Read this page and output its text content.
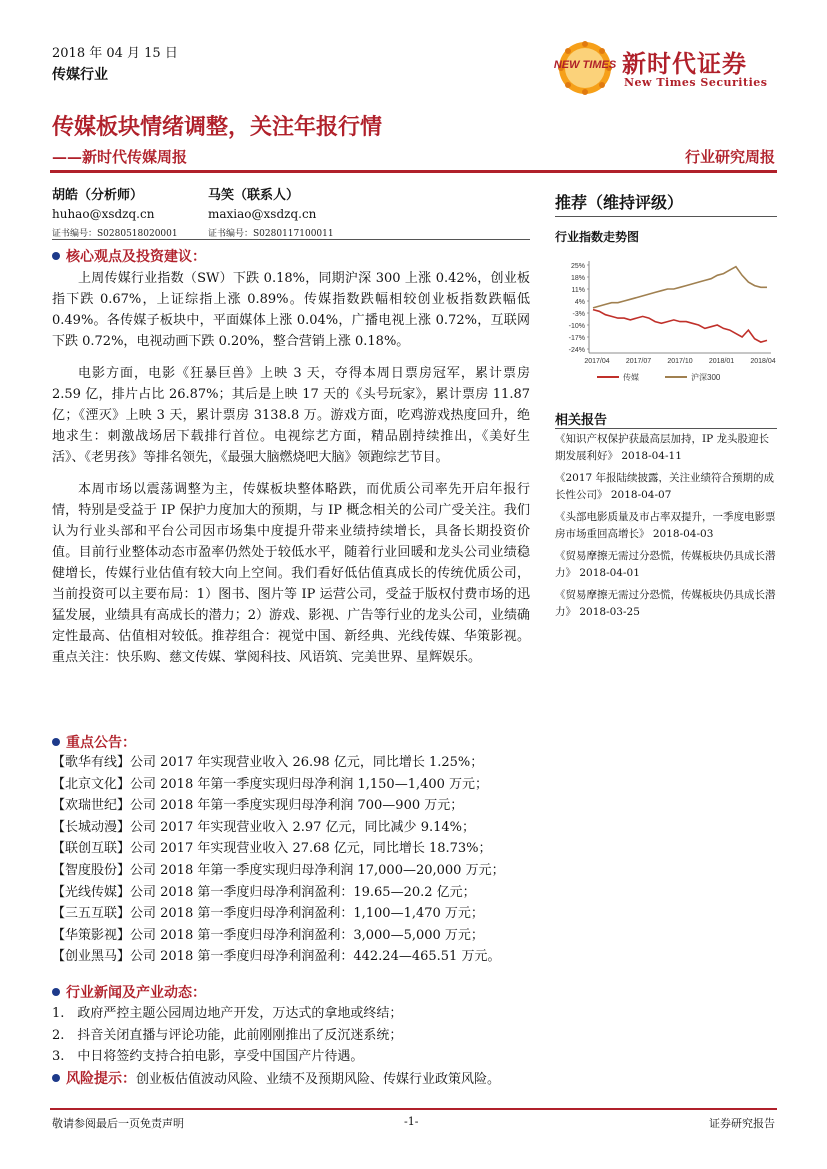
2018 年 04 月 15 日
传媒行业
NEW TIMES 新时代证券
New Times Securities
传媒板块情绪调整，关注年报行情
——新时代传媒周报	行业研究周报
胡皓（分析师）
huhao@xsdzq.cn
证书编号：S0280518020001
马笑（联系人）
maxiao@xsdzq.cn
证书编号：S0280117100011
推荐（维持评级）
行业指数走势图
25%
18%
11%
4%
-3%
-10%
-17%
-24%
2017/04 2017/07 2017/10 2018/01 2018/04
传媒	沪深300
相关报告
《知识产权保护获最高层加持，IP 龙头股迎长期发展利好》 2018-04-11
《2017 年报陆续披露，关注业绩符合预期的成长性公司》 2018-04-07
《头部电影质量及市占率双提升，一季度电影票房市场重回高增长》 2018-04-03
《贸易摩擦无需过分恐慌，传媒板块仍具成长潜力》 2018-04-01
《贸易摩擦无需过分恐慌，传媒板块仍具成长潜力》 2018-03-25
核心观点及投资建议：

上周传媒行业指数（SW）下跌 0.18%，同期沪深 300 上涨 0.42%，创业板指下跌 0.67%，上证综指上涨 0.89%。传媒指数跌幅相较创业板指数跌幅低 0.49%。各传媒子板块中，平面媒体上涨 0.04%，广播电视上涨 0.72%，互联网下跌 0.72%，电视动画下跌 0.20%，整合营销上涨 0.18%。

电影方面，电影《狂暴巨兽》上映 3 天，夺得本周日票房冠军，累计票房 2.59 亿，排片占比 26.87%；其后是上映 17 天的《头号玩家》，累计票房 11.87 亿；《湮灭》上映 3 天，累计票房 3138.8 万。游戏方面，吃鸡游戏热度回升，绝地求生：刺激战场居下载排行首位。电视综艺方面，精品剧持续推出，《美好生活》、《老男孩》等排名领先，《最强大脑燃烧吧大脑》领跑综艺节目。

本周市场以震荡调整为主，传媒板块整体略跌，而优质公司率先开启年报行情，特别是受益于 IP 保护力度加大的预期，与 IP 概念相关的公司广受关注。我们认为行业头部和平台公司因市场集中度提升带来业绩持续增长，具备长期投资价值。目前行业整体动态市盈率仍然处于较低水平，随着行业回暖和龙头公司业绩稳健增长，传媒行业估值有较大向上空间。我们看好低估值真成长的传统优质公司，当前投资可以主要布局：1）图书、图片等 IP 运营公司，受益于版权付费市场的迅猛发展，业绩具有高成长的潜力；2）游戏、影视、广告等行业的龙头公司，业绩确定性最高、估值相对较低。推荐组合：视觉中国、新经典、光线传媒、华策影视。重点关注：快乐购、慈文传媒、掌阅科技、风语筑、完美世界、星辉娱乐。

重点公告：
【歌华有线】公司 2017 年实现营业收入 26.98 亿元，同比增长 1.25%；
【北京文化】公司 2018 年第一季度实现归母净利润 1,150—1,400 万元；
【欢瑞世纪】公司 2018 年第一季度实现归母净利润 700—900 万元；
【长城动漫】公司 2017 年实现营业收入 2.97 亿元，同比减少 9.14%；
【联创互联】公司 2017 年实现营业收入 27.68 亿元，同比增长 18.73%；
【智度股份】公司 2018 年第一季度实现归母净利润 17,000—20,000 万元；
【光线传媒】公司 2018 第一季度归母净利润盈利：19.65—20.2 亿元；
【三五互联】公司 2018 第一季度归母净利润盈利：1,100—1,470 万元；
【华策影视】公司 2018 第一季度归母净利润盈利：3,000—5,000 万元；
【创业黑马】公司 2018 第一季度归母净利润盈利：442.24—465.51 万元。
行业新闻及产业动态：
1.　政府严控主题公园周边地产开发，万达式的拿地或终结；
2.　抖音关闭直播与评论功能，此前刚刚推出了反沉迷系统；
3.　中日将签约支持合拍电影，享受中国国产片待遇。
风险提示：创业板估值波动风险、业绩不及预期风险、传媒行业政策风险。
敬请参阅最后一页免责声明	-1-	证券研究报告
